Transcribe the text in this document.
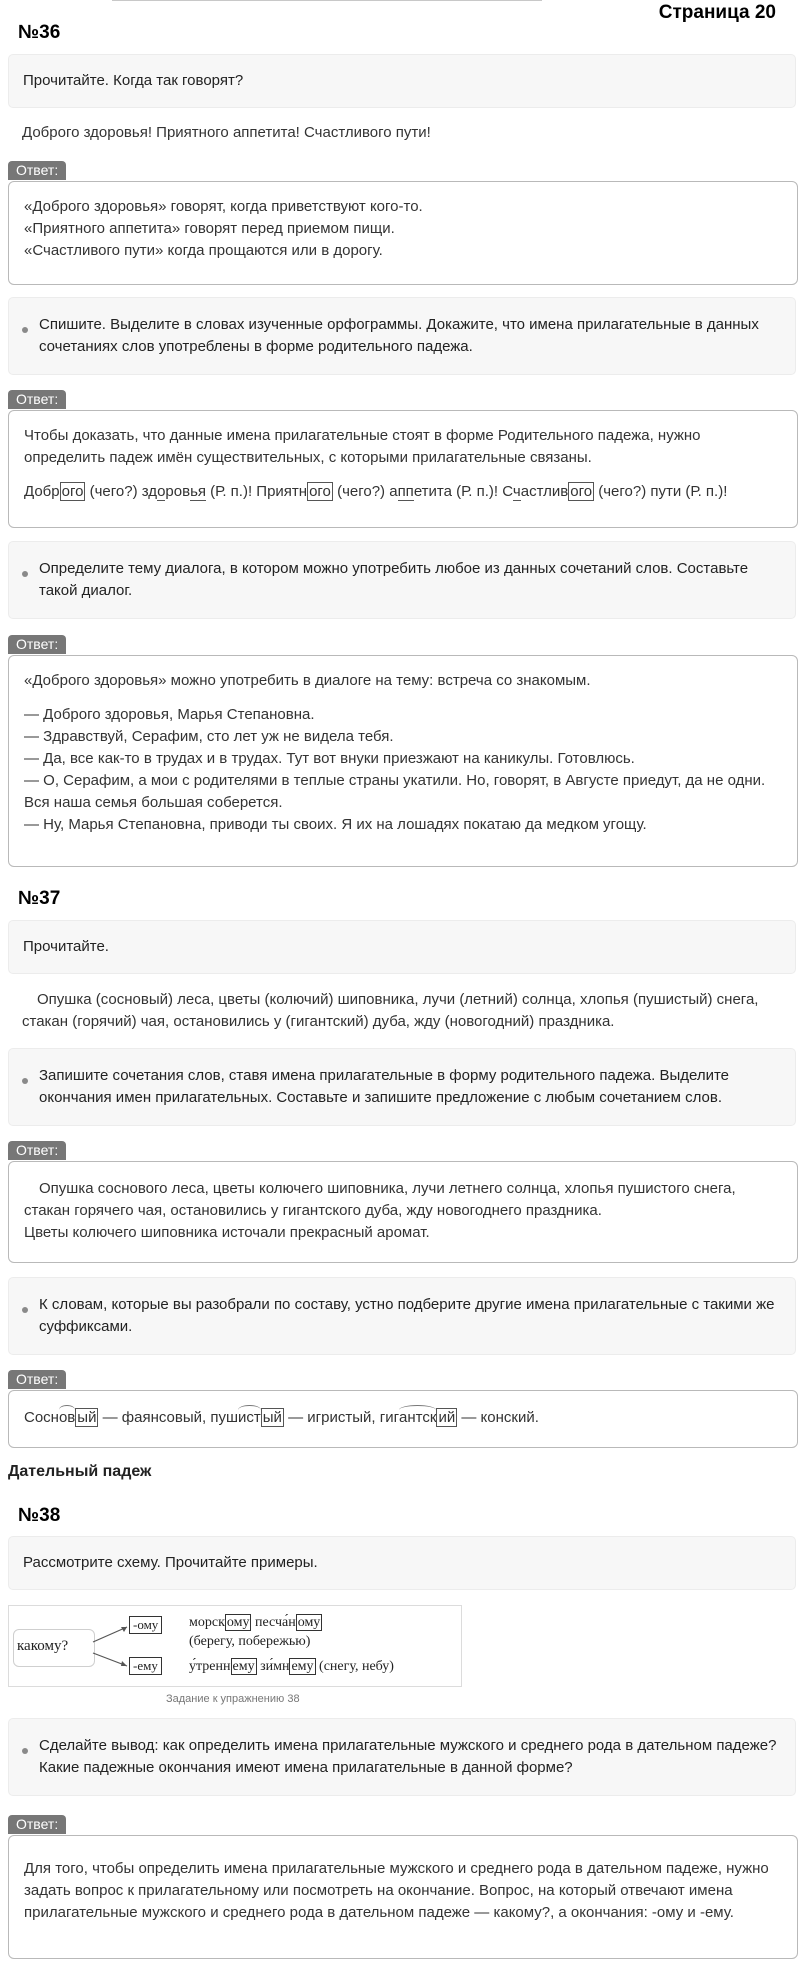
Страница 20
№36
Прочитайте. Когда так говорят?
Доброго здоровья! Приятного аппетита! Счастливого пути!
Ответ:

«Доброго здоровья» говорят, когда приветствуют кого-то.

«Приятного аппетита» говорят перед приемом пищи.

«Счастливого пути» когда прощаются или в дорогу.

Спишите. Выделите в словах изученные орфограммы. Докажите, что имена прилагательные в данных сочетаниях слов употреблены в форме родительного падежа.
Ответ:

Чтобы доказать, что данные имена прилагательные стоят в форме Родительного падежа, нужно определить падеж имён существительных, с которыми прилагательные связаны.

Добр ого (чего?) здоровья (Р. п.)! Приятн ого (чего?) аппетита (Р. п.)! Счастлив ого (чего?) пути (Р. п.)!

Определите тему диалога, в котором можно употребить любое из данных сочетаний слов. Составьте такой диалог.
Ответ:

«Доброго здоровья» можно употребить в диалоге на тему: встреча со знакомым.

— Доброго здоровья, Марья Степановна.

— Здравствуй, Серафим, сто лет уж не видела тебя.

— Да, все как-то в трудах и в трудах. Тут вот внуки приезжают на каникулы. Готовлюсь.

— О, Серафим, а мои с родителями в теплые страны укатили. Но, говорят, в Августе приедут, да не одни. Вся наша семья большая соберется.

— Ну, Марья Степановна, приводи ты своих. Я их на лошадях покатаю да медком угощу.

№37
Прочитайте.
Опушка (сосновый) леса, цветы (колючий) шиповника, лучи (летний) солнца, хлопья (пушистый) снега, стакан (горячий) чая, остановились у (гигантский) дуба, жду (новогодний) праздника.
Запишите сочетания слов, ставя имена прилагательные в форму родительного падежа. Выделите окончания имен прилагательных. Составьте и запишите предложение с любым сочетанием слов.
Ответ:

Опушка соснового леса, цветы колючего шиповника, лучи летнего солнца, хлопья пушистого снега, стакан горячего чая, остановились у гигантского дуба, жду новогоднего праздника.

Цветы колючего шиповника источали прекрасный аромат.

К словам, которые вы разобрали по составу, устно подберите другие имена прилагательные с такими же суффиксами.
Ответ:

Соснов ый — фаянсовый, пушист ый — игристый, гигантск ий — конский.

Дательный падеж
№38
Рассмотрите схему. Прочитайте примеры.
какому?
-ому
-ему
морск ому песча́н ому
(берегу, побережью)
у́тренн ему зи́мн ему (снегу, небу)
Задание к упражнению 38
Сделайте вывод: как определить имена прилагательные мужского и среднего рода в дательном падеже? Какие падежные окончания имеют имена прилагательные в данной форме?
Ответ:

Для того, чтобы определить имена прилагательные мужского и среднего рода в дательном падеже, нужно задать вопрос к прилагательному или посмотреть на окончание. Вопрос, на который отвечают имена прилагательные мужского и среднего рода в дательном падеже — какому?, а окончания: -ому и -ему.
